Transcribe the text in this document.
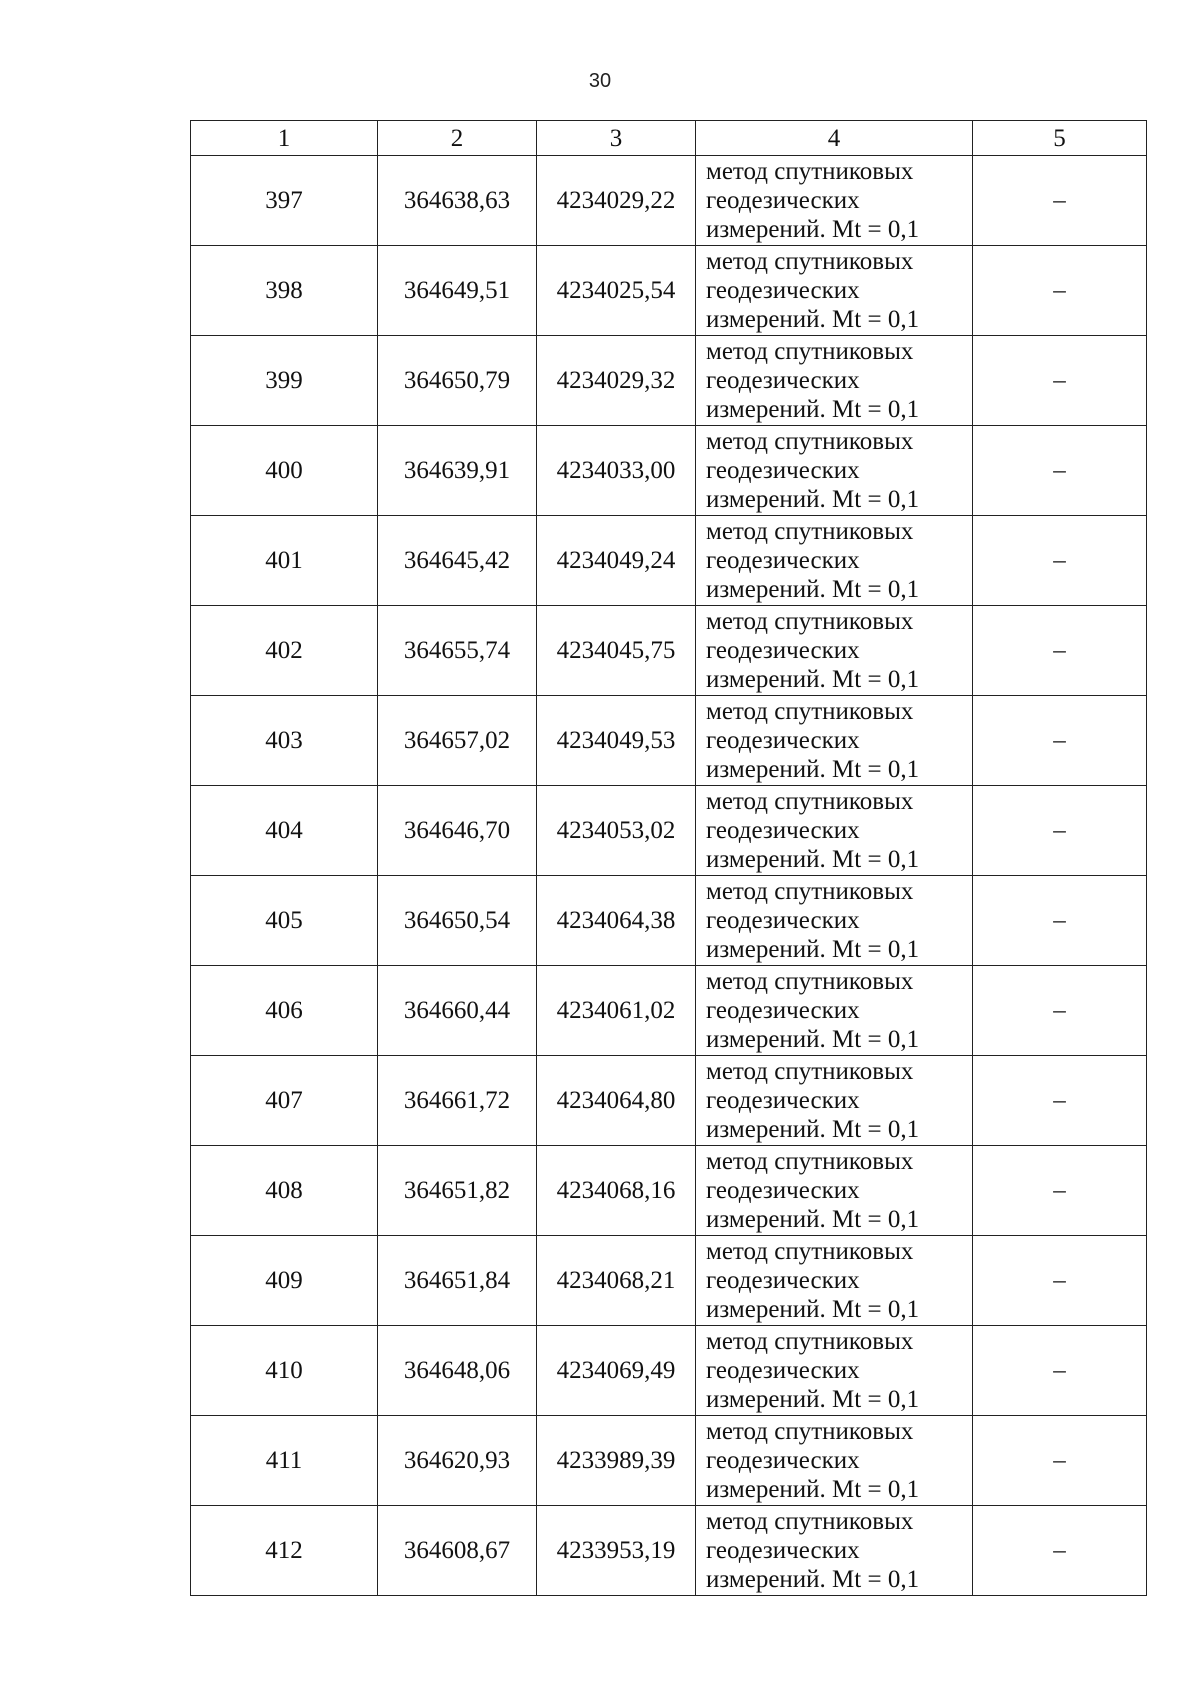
30
1	2	3	4	5
397	364638,63	4234029,22	метод спутниковых
геодезических
измерений. Mt = 0,1	–
398	364649,51	4234025,54	метод спутниковых
геодезических
измерений. Mt = 0,1	–
399	364650,79	4234029,32	метод спутниковых
геодезических
измерений. Mt = 0,1	–
400	364639,91	4234033,00	метод спутниковых
геодезических
измерений. Mt = 0,1	–
401	364645,42	4234049,24	метод спутниковых
геодезических
измерений. Mt = 0,1	–
402	364655,74	4234045,75	метод спутниковых
геодезических
измерений. Mt = 0,1	–
403	364657,02	4234049,53	метод спутниковых
геодезических
измерений. Mt = 0,1	–
404	364646,70	4234053,02	метод спутниковых
геодезических
измерений. Mt = 0,1	–
405	364650,54	4234064,38	метод спутниковых
геодезических
измерений. Mt = 0,1	–
406	364660,44	4234061,02	метод спутниковых
геодезических
измерений. Mt = 0,1	–
407	364661,72	4234064,80	метод спутниковых
геодезических
измерений. Mt = 0,1	–
408	364651,82	4234068,16	метод спутниковых
геодезических
измерений. Mt = 0,1	–
409	364651,84	4234068,21	метод спутниковых
геодезических
измерений. Mt = 0,1	–
410	364648,06	4234069,49	метод спутниковых
геодезических
измерений. Mt = 0,1	–
411	364620,93	4233989,39	метод спутниковых
геодезических
измерений. Mt = 0,1	–
412	364608,67	4233953,19	метод спутниковых
геодезических
измерений. Mt = 0,1	–
